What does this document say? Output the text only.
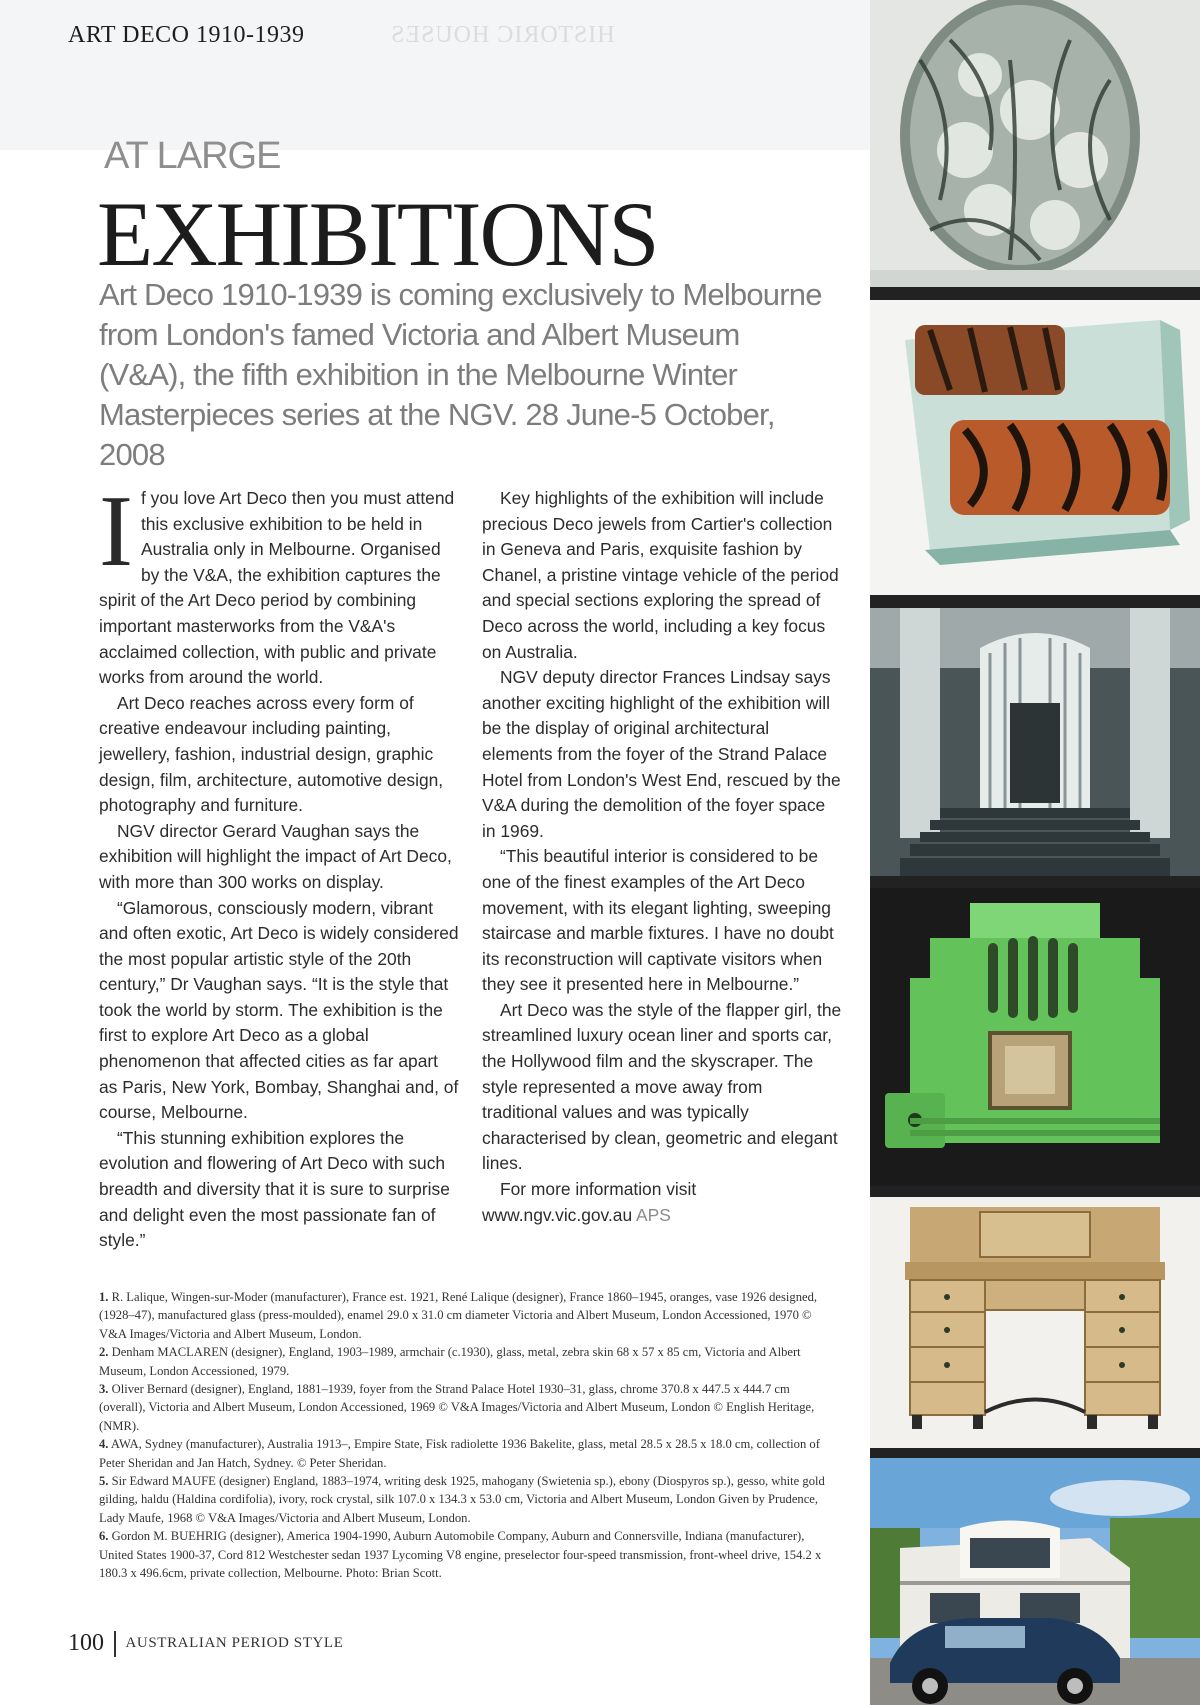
ART DECO 1910-1939	HISTORIC HOUSES
AT LARGE
EXHIBITIONS

Art Deco 1910-1939 is coming exclusively to Melbourne from London's famed Victoria and Albert Museum (V&A), the fifth exhibition in the Melbourne Winter Masterpieces series at the NGV. 28 June-5 October, 2008

If you love Art Deco then you must attend this exclusive exhibition to be held in Australia only in Melbourne. Organised by the V&A, the exhibition captures the spirit of the Art Deco period by combining important masterworks from the V&A's acclaimed collection, with public and private works from around the world.

Art Deco reaches across every form of creative endeavour including painting, jewellery, fashion, industrial design, graphic design, film, architecture, automotive design, photography and furniture.

NGV director Gerard Vaughan says the exhibition will highlight the impact of Art Deco, with more than 300 works on display.

“Glamorous, consciously modern, vibrant and often exotic, Art Deco is widely considered the most popular artistic style of the 20th century,” Dr Vaughan says. “It is the style that took the world by storm. The exhibition is the first to explore Art Deco as a global phenomenon that affected cities as far apart as Paris, New York, Bombay, Shanghai and, of course, Melbourne.

“This stunning exhibition explores the evolution and flowering of Art Deco with such breadth and diversity that it is sure to surprise and delight even the most passionate fan of style.”

Key highlights of the exhibition will include precious Deco jewels from Cartier's collection in Geneva and Paris, exquisite fashion by Chanel, a pristine vintage vehicle of the period and special sections exploring the spread of Deco across the world, including a key focus on Australia.

NGV deputy director Frances Lindsay says another exciting highlight of the exhibition will be the display of original architectural elements from the foyer of the Strand Palace Hotel from London's West End, rescued by the V&A during the demolition of the foyer space in 1969.

“This beautiful interior is considered to be one of the finest examples of the Art Deco movement, with its elegant lighting, sweeping staircase and marble fixtures. I have no doubt its reconstruction will captivate visitors when they see it presented here in Melbourne.”

Art Deco was the style of the flapper girl, the streamlined luxury ocean liner and sports car, the Hollywood film and the skyscraper. The style represented a move away from traditional values and was typically characterised by clean, geometric and elegant lines.

For more information visit www.ngv.vic.gov.au APS

1. R. Lalique, Wingen-sur-Moder (manufacturer), France est. 1921, René Lalique (designer), France 1860–1945, oranges, vase 1926 designed, (1928–47), manufactured glass (press-moulded), enamel 29.0 x 31.0 cm diameter Victoria and Albert Museum, London Accessioned, 1970 © V&A Images/Victoria and Albert Museum, London.
2. Denham MACLAREN (designer), England, 1903–1989, armchair (c.1930), glass, metal, zebra skin 68 x 57 x 85 cm, Victoria and Albert Museum, London Accessioned, 1979.
3. Oliver Bernard (designer), England, 1881–1939, foyer from the Strand Palace Hotel 1930–31, glass, chrome 370.8 x 447.5 x 444.7 cm (overall), Victoria and Albert Museum, London Accessioned, 1969 © V&A Images/Victoria and Albert Museum, London © English Heritage, (NMR).
4. AWA, Sydney (manufacturer), Australia 1913–, Empire State, Fisk radiolette 1936 Bakelite, glass, metal 28.5 x 28.5 x 18.0 cm, collection of Peter Sheridan and Jan Hatch, Sydney. © Peter Sheridan.
5. Sir Edward MAUFE (designer) England, 1883–1974, writing desk 1925, mahogany (Swietenia sp.), ebony (Diospyros sp.), gesso, white gold gilding, haldu (Haldina cordifolia), ivory, rock crystal, silk 107.0 x 134.3 x 53.0 cm, Victoria and Albert Museum, London Given by Prudence, Lady Maufe, 1968 © V&A Images/Victoria and Albert Museum, London.
6. Gordon M. BUEHRIG (designer), America 1904-1990, Auburn Automobile Company, Auburn and Connersville, Indiana (manufacturer), United States 1900-37, Cord 812 Westchester sedan 1937 Lycoming V8 engine, preselector four-speed transmission, front-wheel drive, 154.2 x 180.3 x 496.6cm, private collection, Melbourne. Photo: Brian Scott.
100 AUSTRALIAN PERIOD STYLE
